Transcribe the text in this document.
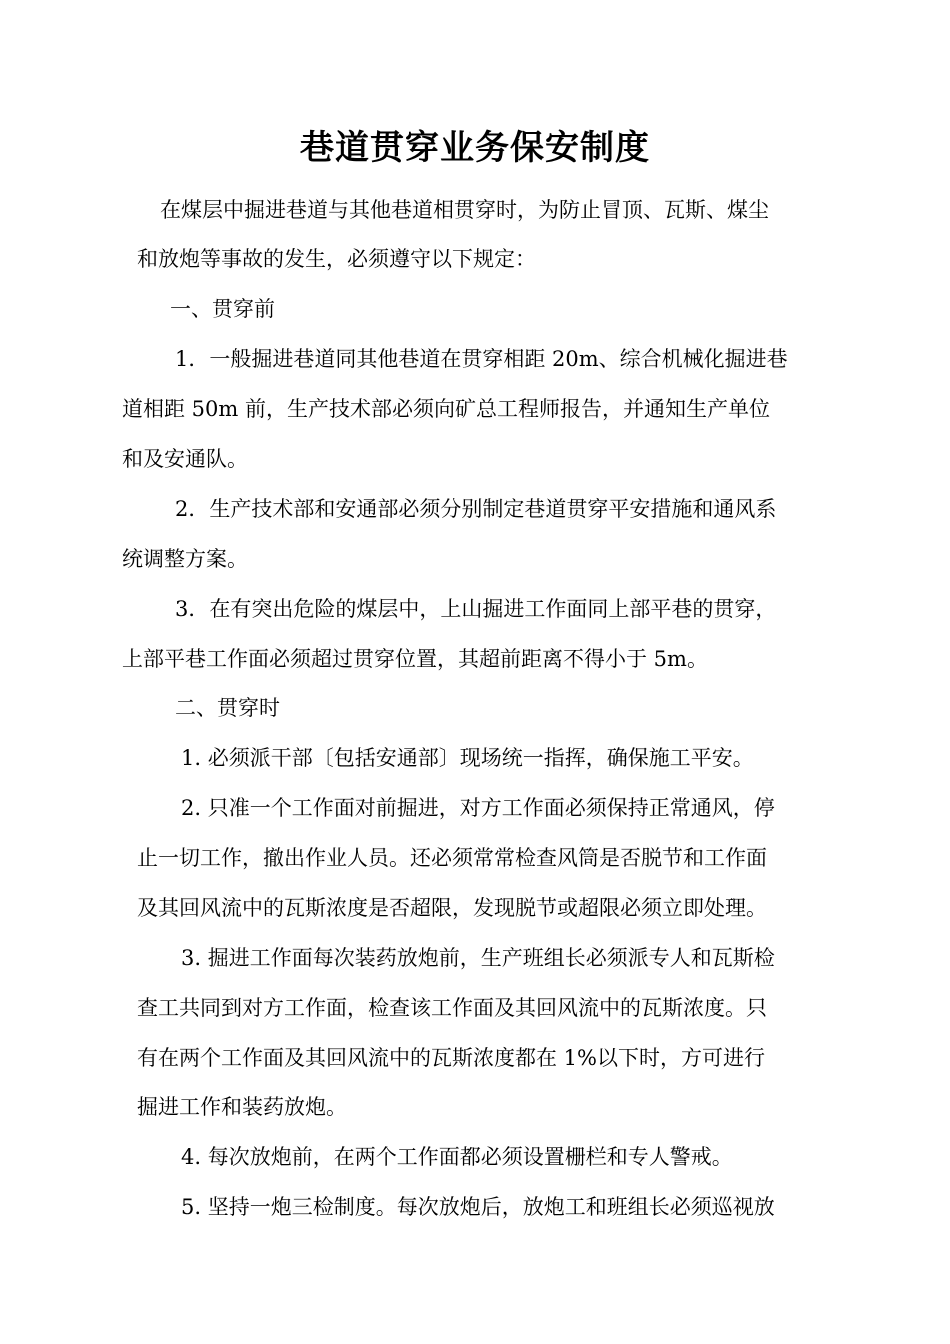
巷道贯穿业务保安制度
在煤层中掘进巷道与其他巷道相贯穿时，为防止冒顶、瓦斯、煤尘
和放炮等事故的发生，必须遵守以下规定：
一、贯穿前
1．一般掘进巷道同其他巷道在贯穿相距 20m、综合机械化掘进巷
道相距 50m 前，生产技术部必须向矿总工程师报告，并通知生产单位
和及安通队。
2．生产技术部和安通部必须分别制定巷道贯穿平安措施和通风系
统调整方案。
3．在有突出危险的煤层中，上山掘进工作面同上部平巷的贯穿，
上部平巷工作面必须超过贯穿位置，其超前距离不得小于 5m。
二、贯穿时
1. 必须派干部〔包括安通部〕现场统一指挥，确保施工平安。
2. 只准一个工作面对前掘进，对方工作面必须保持正常通风，停
止一切工作，撤出作业人员。还必须常常检查风筒是否脱节和工作面
及其回风流中的瓦斯浓度是否超限，发现脱节或超限必须立即处理。
3. 掘进工作面每次装药放炮前，生产班组长必须派专人和瓦斯检
查工共同到对方工作面，检查该工作面及其回风流中的瓦斯浓度。只
有在两个工作面及其回风流中的瓦斯浓度都在 1%以下时，方可进行
掘进工作和装药放炮。
4. 每次放炮前，在两个工作面都必须设置栅栏和专人警戒。
5. 坚持一炮三检制度。每次放炮后，放炮工和班组长必须巡视放
